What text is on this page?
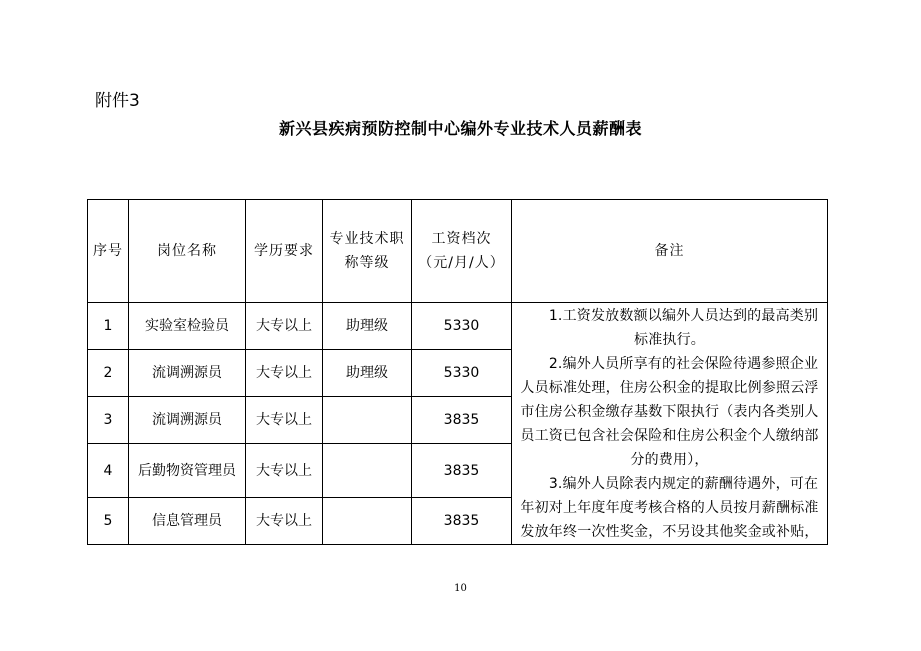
附件3
新兴县疾病预防控制中心编外专业技术人员薪酬表
序号	岗位名称	学历要求	专业技术职称等级	工资档次（元/月/人）	备注
1	实验室检验员	大专以上	助理级	5330	1.工资发放数额以编外人员达到的最高类别标准执行。

2.编外人员所享有的社会保险待遇参照企业人员标准处理，住房公积金的提取比例参照云浮市住房公积金缴存基数下限执行（表内各类别人员工资已包含社会保险和住房公积金个人缴纳部分的费用），

3.编外人员除表内规定的薪酬待遇外，可在年初对上年度年度考核合格的人员按月薪酬标准发放年终一次性奖金，不另设其他奖金或补贴，

2	流调溯源员	大专以上	助理级	5330	
3	流调溯源员	大专以上		3835	
4	后勤物资管理员	大专以上		3835	
5	信息管理员	大专以上		3835	
10
